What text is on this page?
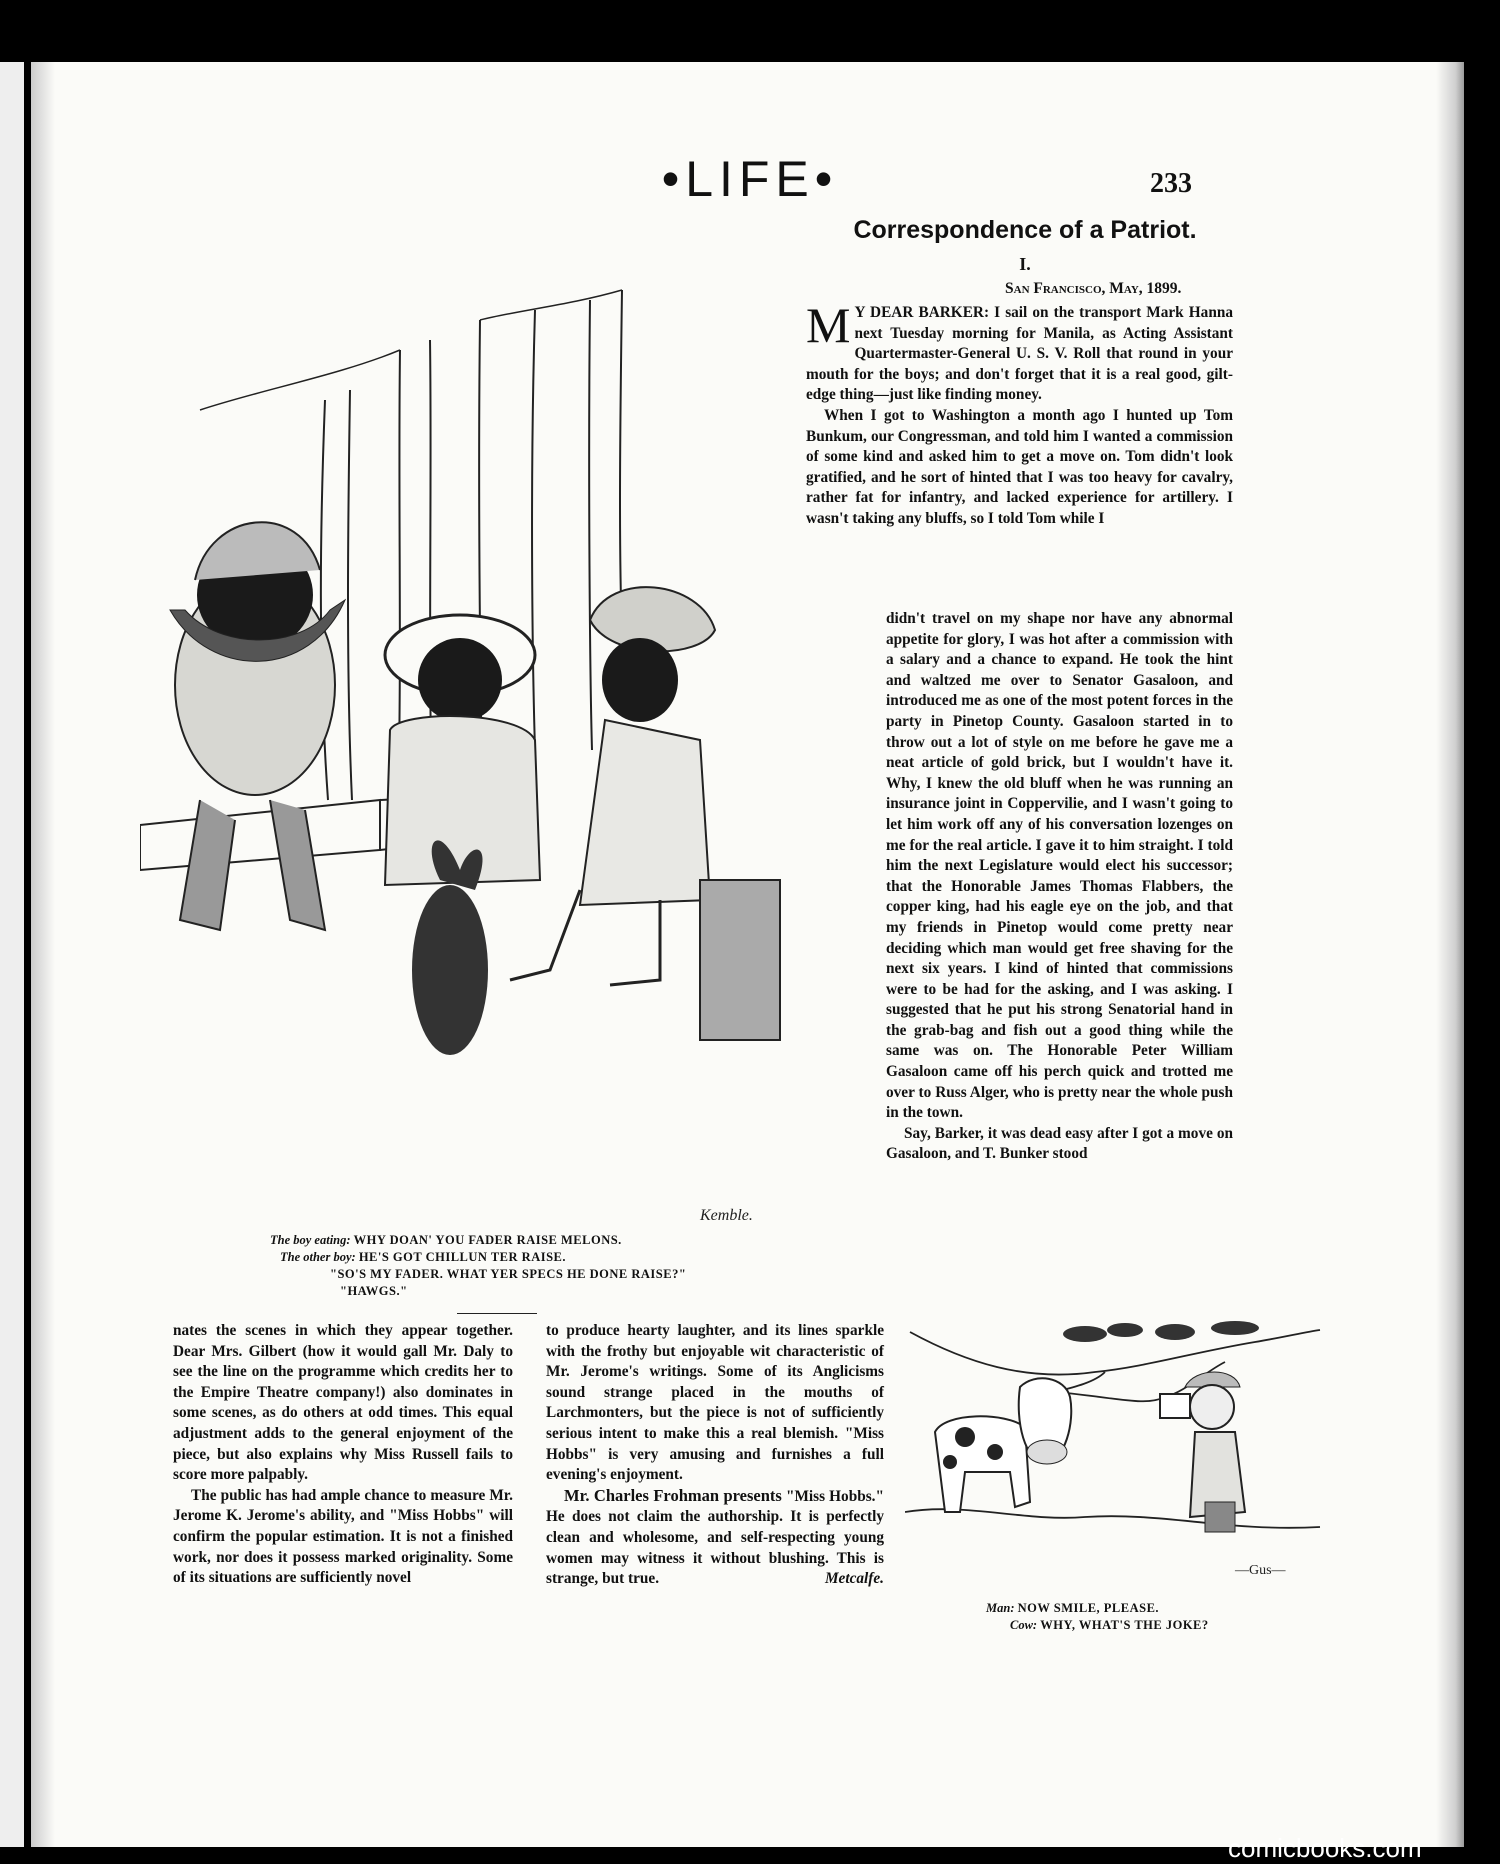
•LIFE•	233
Kemble.
The boy eating: WHY DOAN' YOU FADER RAISE MELONS.
The other boy: HE'S GOT CHILLUN TER RAISE.
"SO'S MY FADER. WHAT YER SPECS HE DONE RAISE?"
"HAWGS."
Correspondence of a Patriot.
I.
San Francisco, May, 1899.

M Y DEAR BARKER: I sail on the transport Mark Hanna next Tuesday morning for Manila, as Acting Assistant Quartermaster-General U. S. V. Roll that round in your mouth for the boys; and don't forget that it is a real good, gilt-edge thing—just like finding money.

When I got to Washington a month ago I hunted up Tom Bunkum, our Congressman, and told him I wanted a commission of some kind and asked him to get a move on. Tom didn't look gratified, and he sort of hinted that I was too heavy for cavalry, rather fat for infantry, and lacked experience for artillery. I wasn't taking any bluffs, so I told Tom while I

didn't travel on my shape nor have any abnormal appetite for glory, I was hot after a commission with a salary and a chance to expand. He took the hint and waltzed me over to Senator Gasaloon, and introduced me as one of the most potent forces in the party in Pinetop County. Gasaloon started in to throw out a lot of style on me before he gave me a neat article of gold brick, but I wouldn't have it. Why, I knew the old bluff when he was running an insurance joint in Coppervilie, and I wasn't going to let him work off any of his conversation lozenges on me for the real article. I gave it to him straight. I told him the next Legislature would elect his successor; that the Honorable James Thomas Flabbers, the copper king, had his eagle eye on the job, and that my friends in Pinetop would come pretty near deciding which man would get free shaving for the next six years. I kind of hinted that commissions were to be had for the asking, and I was asking. I suggested that he put his strong Senatorial hand in the grab-bag and fish out a good thing while the same was on. The Honorable Peter William Gasaloon came off his perch quick and trotted me over to Russ Alger, who is pretty near the whole push in the town.

Say, Barker, it was dead easy after I got a move on Gasaloon, and T. Bunker stood

nates the scenes in which they appear together. Dear Mrs. Gilbert (how it would gall Mr. Daly to see the line on the programme which credits her to the Empire Theatre company!) also dominates in some scenes, as do others at odd times. This equal adjustment adds to the general enjoyment of the piece, but also explains why Miss Russell fails to score more palpably.

The public has had ample chance to measure Mr. Jerome K. Jerome's ability, and "Miss Hobbs" will confirm the popular estimation. It is not a finished work, nor does it possess marked originality. Some of its situations are sufficiently novel

to produce hearty laughter, and its lines sparkle with the frothy but enjoyable wit characteristic of Mr. Jerome's writings. Some of its Anglicisms sound strange placed in the mouths of Larchmonters, but the piece is not of sufficiently serious intent to make this a real blemish. "Miss Hobbs" is very amusing and furnishes a full evening's enjoyment.

Mr. Charles Frohman presents "Miss Hobbs." He does not claim the authorship. It is perfectly clean and wholesome, and self-respecting young women may witness it without blushing. This is strange, but true.	Metcalfe.	—Gus—
Man: NOW SMILE, PLEASE.
Cow: WHY, WHAT'S THE JOKE?
comicbooks.com
